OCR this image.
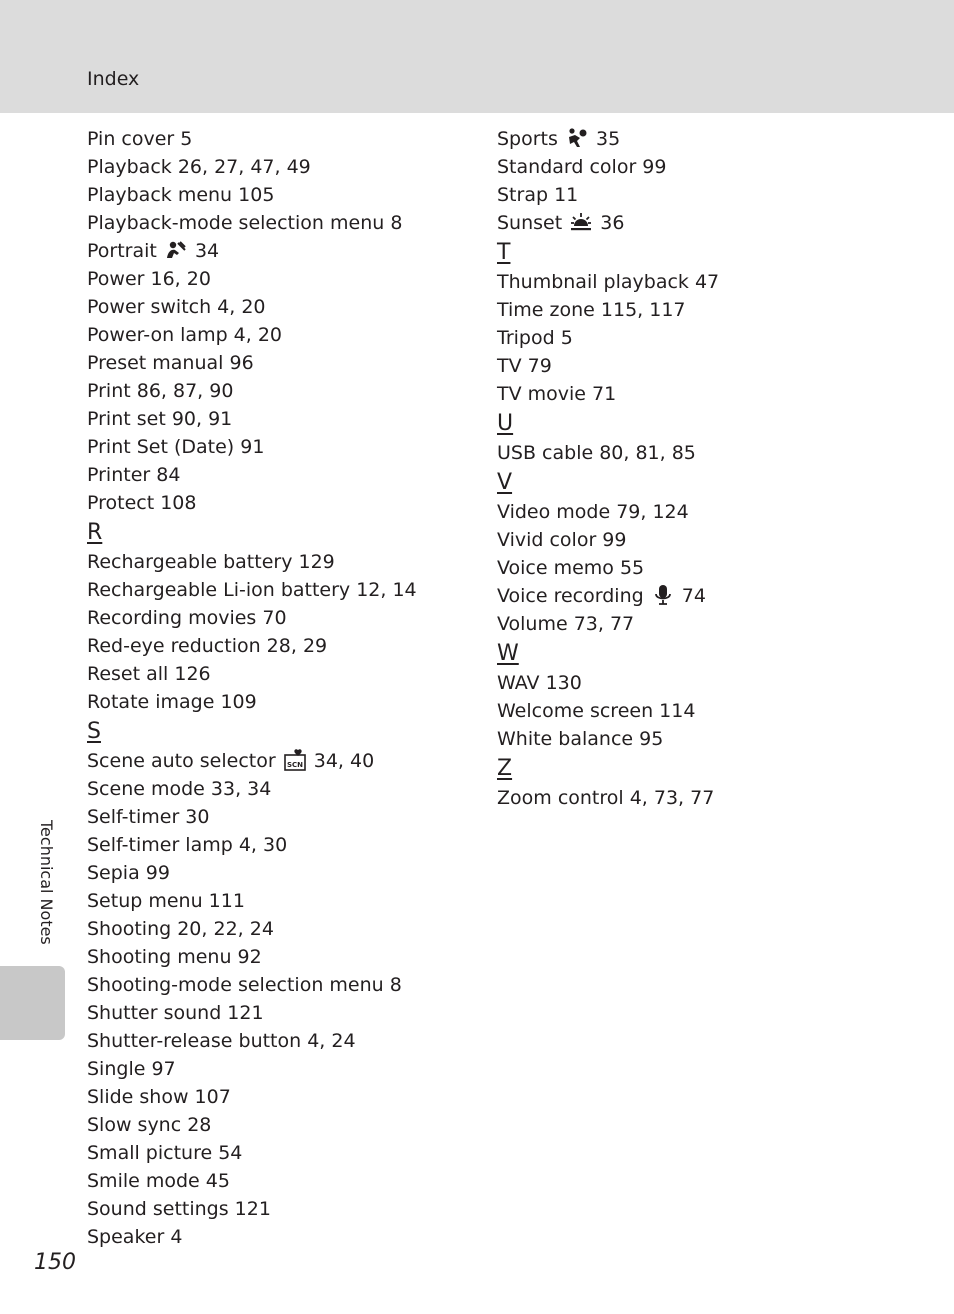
Index
Pin cover 5
Playback 26, 27, 47, 49
Playback menu 105
Playback-mode selection menu 8
Portrait 34
Power 16, 20
Power switch 4, 20
Power-on lamp 4, 20
Preset manual 96
Print 86, 87, 90
Print set 90, 91
Print Set (Date) 91
Printer 84
Protect 108
R
Rechargeable battery 129
Rechargeable Li-ion battery 12, 14
Recording movies 70
Red-eye reduction 28, 29
Reset all 126
Rotate image 109
S
Scene auto selector SCN 34, 40
Scene mode 33, 34
Self-timer 30
Self-timer lamp 4, 30
Sepia 99
Setup menu 111
Shooting 20, 22, 24
Shooting menu 92
Shooting-mode selection menu 8
Shutter sound 121
Shutter-release button 4, 24
Single 97
Slide show 107
Slow sync 28
Small picture 54
Smile mode 45
Sound settings 121
Speaker 4
Sports 35
Standard color 99
Strap 11
Sunset 36
T
Thumbnail playback 47
Time zone 115, 117
Tripod 5
TV 79
TV movie 71
U
USB cable 80, 81, 85
V
Video mode 79, 124
Vivid color 99
Voice memo 55
Voice recording 74
Volume 73, 77
W
WAV 130
Welcome screen 114
White balance 95
Z
Zoom control 4, 73, 77
Technical Notes
150
